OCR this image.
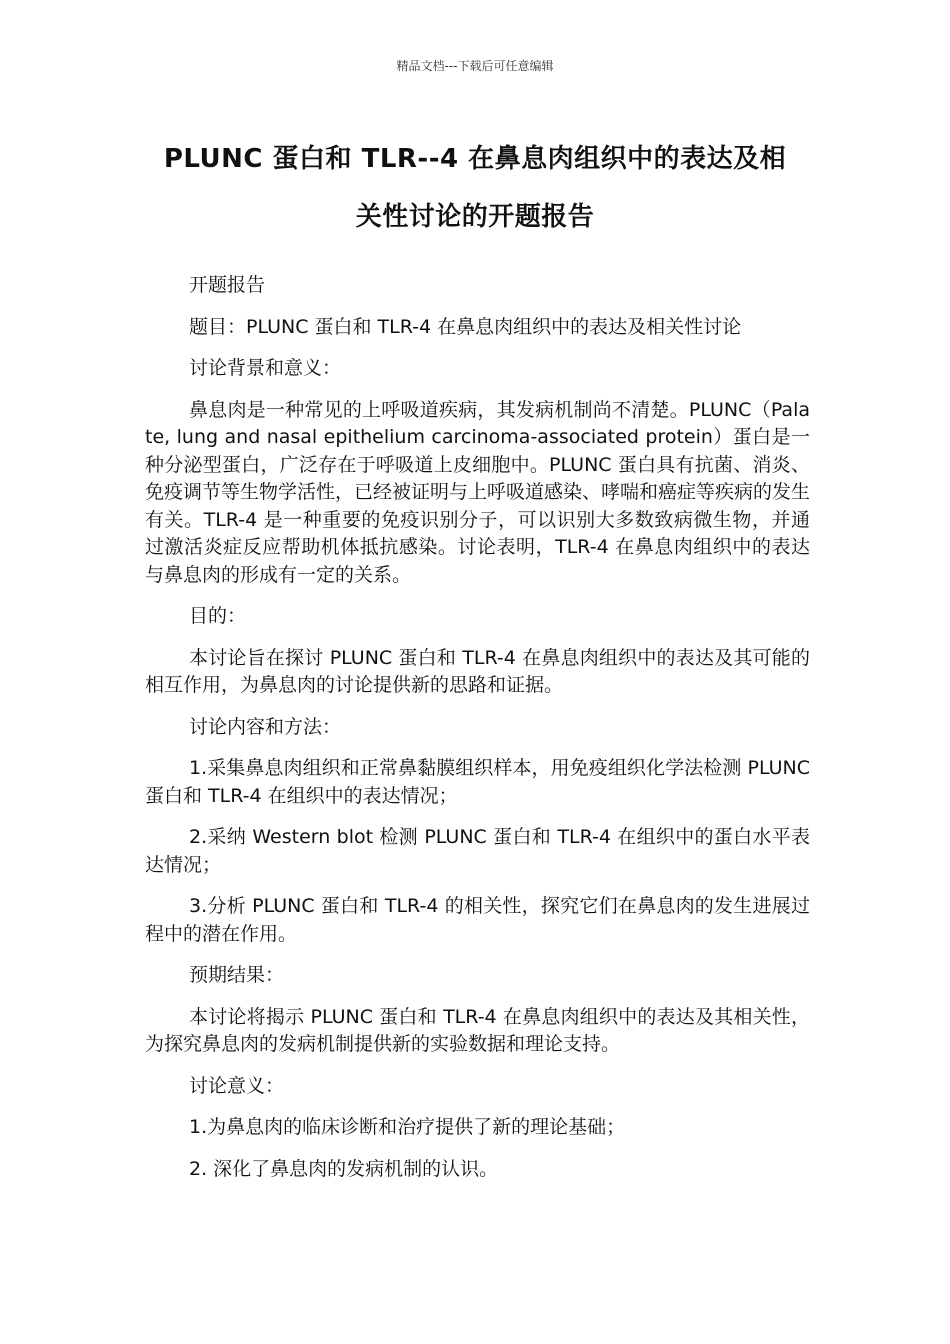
精品文档---下载后可任意编辑
PLUNC 蛋白和 TLR--4 在鼻息肉组织中的表达及相
关性讨论的开题报告

开题报告

题目：PLUNC 蛋白和 TLR-4 在鼻息肉组织中的表达及相关性讨论

讨论背景和意义：

鼻息肉是一种常见的上呼吸道疾病，其发病机制尚不清楚。PLUNC（Palate, lung and nasal epithelium carcinoma-associated protein）蛋白是一种分泌型蛋白，广泛存在于呼吸道上皮细胞中。PLUNC 蛋白具有抗菌、消炎、免疫调节等生物学活性，已经被证明与上呼吸道感染、哮喘和癌症等疾病的发生有关。TLR-4 是一种重要的免疫识别分子，可以识别大多数致病微生物，并通过激活炎症反应帮助机体抵抗感染。讨论表明，TLR-4 在鼻息肉组织中的表达与鼻息肉的形成有一定的关系。

目的：

本讨论旨在探讨 PLUNC 蛋白和 TLR-4 在鼻息肉组织中的表达及其可能的相互作用，为鼻息肉的讨论提供新的思路和证据。

讨论内容和方法：

1.采集鼻息肉组织和正常鼻黏膜组织样本，用免疫组织化学法检测 PLUNC 蛋白和 TLR-4 在组织中的表达情况；

2.采纳 Western blot 检测 PLUNC 蛋白和 TLR-4 在组织中的蛋白水平表达情况；

3.分析 PLUNC 蛋白和 TLR-4 的相关性，探究它们在鼻息肉的发生进展过程中的潜在作用。

预期结果：

本讨论将揭示 PLUNC 蛋白和 TLR-4 在鼻息肉组织中的表达及其相关性，为探究鼻息肉的发病机制提供新的实验数据和理论支持。

讨论意义：

1.为鼻息肉的临床诊断和治疗提供了新的理论基础；

2. 深化了鼻息肉的发病机制的认识。
